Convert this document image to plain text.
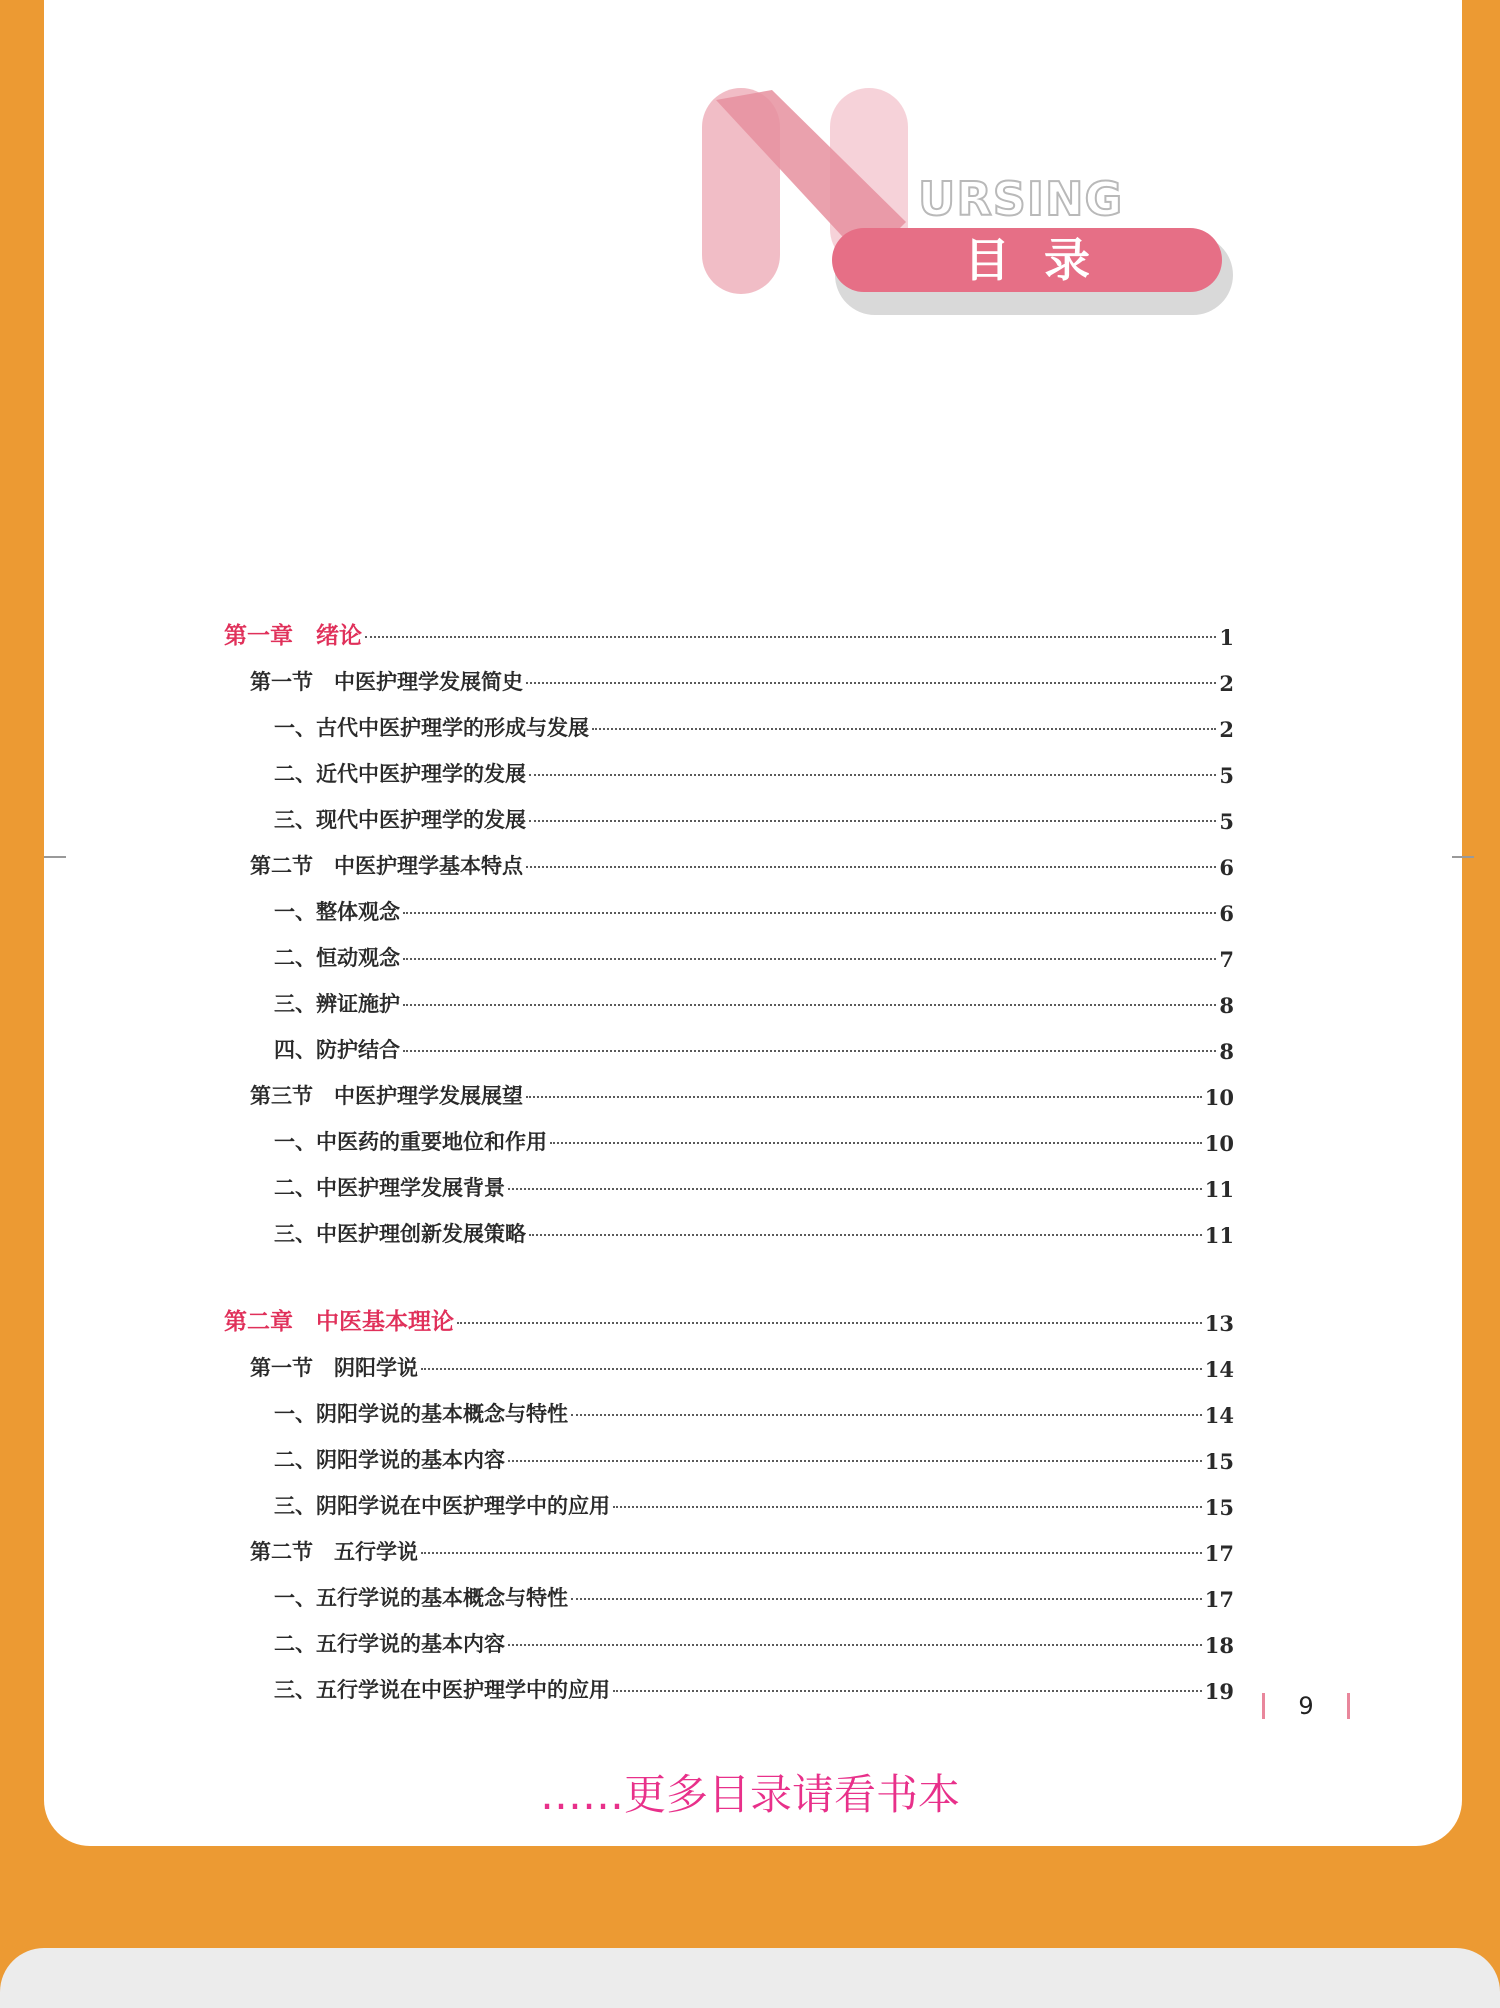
URSING
目录
第一章　绪论	1
第一节　中医护理学发展简史	2
一、古代中医护理学的形成与发展	2
二、近代中医护理学的发展	5
三、现代中医护理学的发展	5
第二节　中医护理学基本特点	6
一、整体观念	6
二、恒动观念	7
三、辨证施护	8
四、防护结合	8
第三节　中医护理学发展展望	10
一、中医药的重要地位和作用	10
二、中医护理学发展背景	11
三、中医护理创新发展策略	11
第二章　中医基本理论	13
第一节　阴阳学说	14
一、阴阳学说的基本概念与特性	14
二、阴阳学说的基本内容	15
三、阴阳学说在中医护理学中的应用	15
第二节　五行学说	17
一、五行学说的基本概念与特性	17
二、五行学说的基本内容	18
三、五行学说在中医护理学中的应用	19
9
……更多目录请看书本
